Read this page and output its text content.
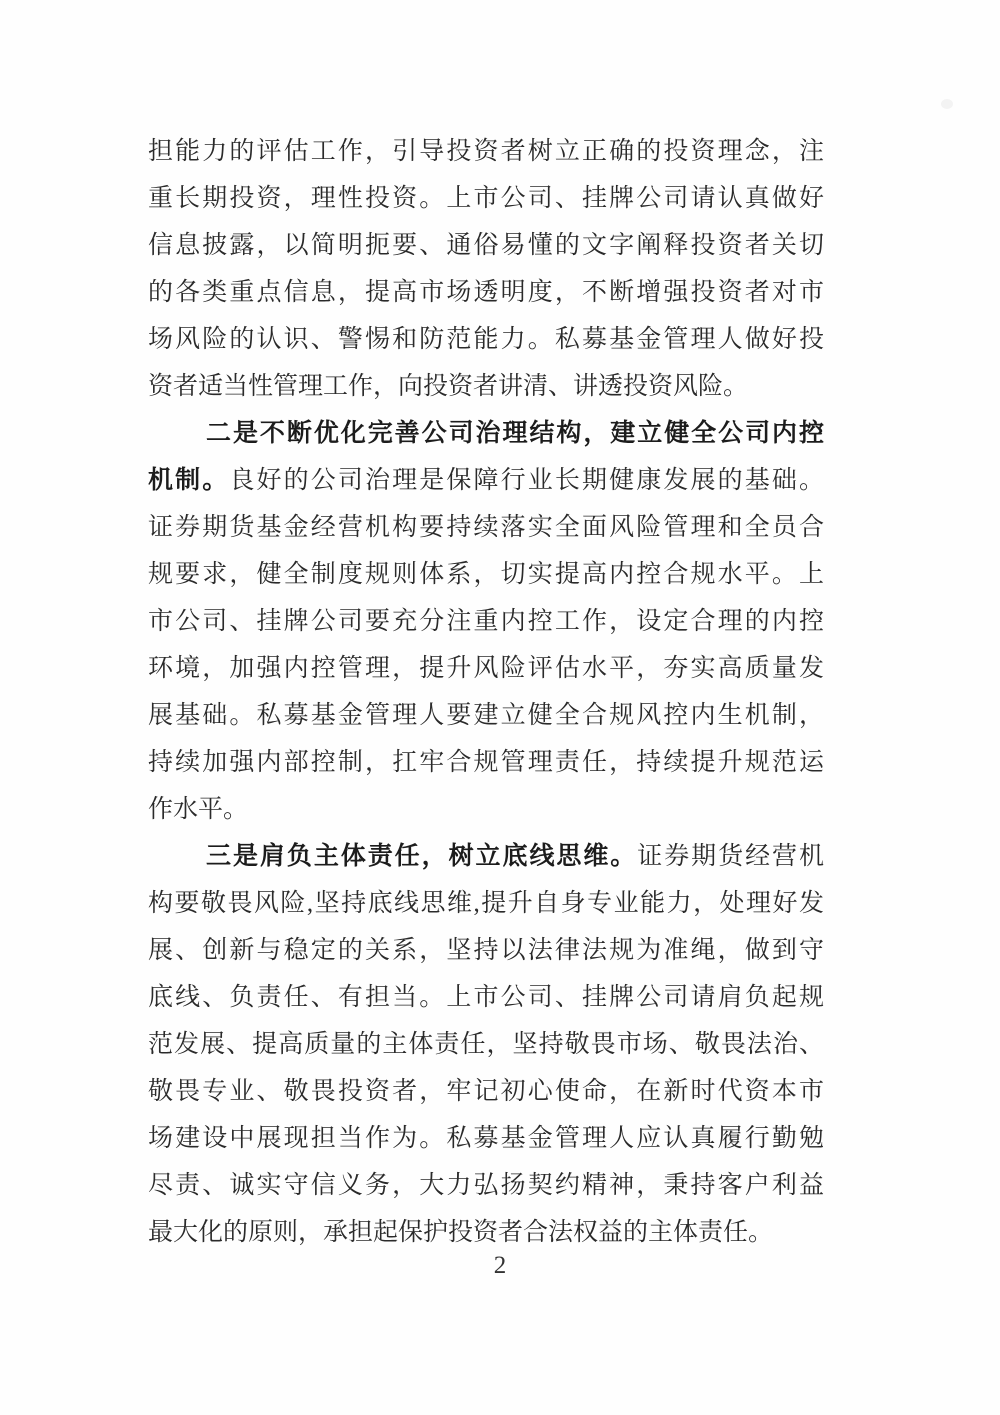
担能力的评估工作，引导投资者树立正确的投资理念，注
重长期投资，理性投资。上市公司、挂牌公司请认真做好
信息披露，以简明扼要、通俗易懂的文字阐释投资者关切
的各类重点信息，提高市场透明度，不断增强投资者对市
场风险的认识、警惕和防范能力。私募基金管理人做好投
资者适当性管理工作，向投资者讲清、讲透投资风险。
二是不断优化完善公司治理结构，建立健全公司内控
机制。良好的公司治理是保障行业长期健康发展的基础。
证券期货基金经营机构要持续落实全面风险管理和全员合
规要求，健全制度规则体系，切实提高内控合规水平。上
市公司、挂牌公司要充分注重内控工作，设定合理的内控
环境，加强内控管理，提升风险评估水平，夯实高质量发
展基础。私募基金管理人要建立健全合规风控内生机制，
持续加强内部控制，扛牢合规管理责任，持续提升规范运
作水平。
三是肩负主体责任，树立底线思维。证券期货经营机
构要敬畏风险,坚持底线思维,提升自身专业能力，处理好发
展、创新与稳定的关系，坚持以法律法规为准绳，做到守
底线、负责任、有担当。上市公司、挂牌公司请肩负起规
范发展、提高质量的主体责任，坚持敬畏市场、敬畏法治、
敬畏专业、敬畏投资者，牢记初心使命，在新时代资本市
场建设中展现担当作为。私募基金管理人应认真履行勤勉
尽责、诚实守信义务，大力弘扬契约精神，秉持客户利益
最大化的原则，承担起保护投资者合法权益的主体责任。
2
